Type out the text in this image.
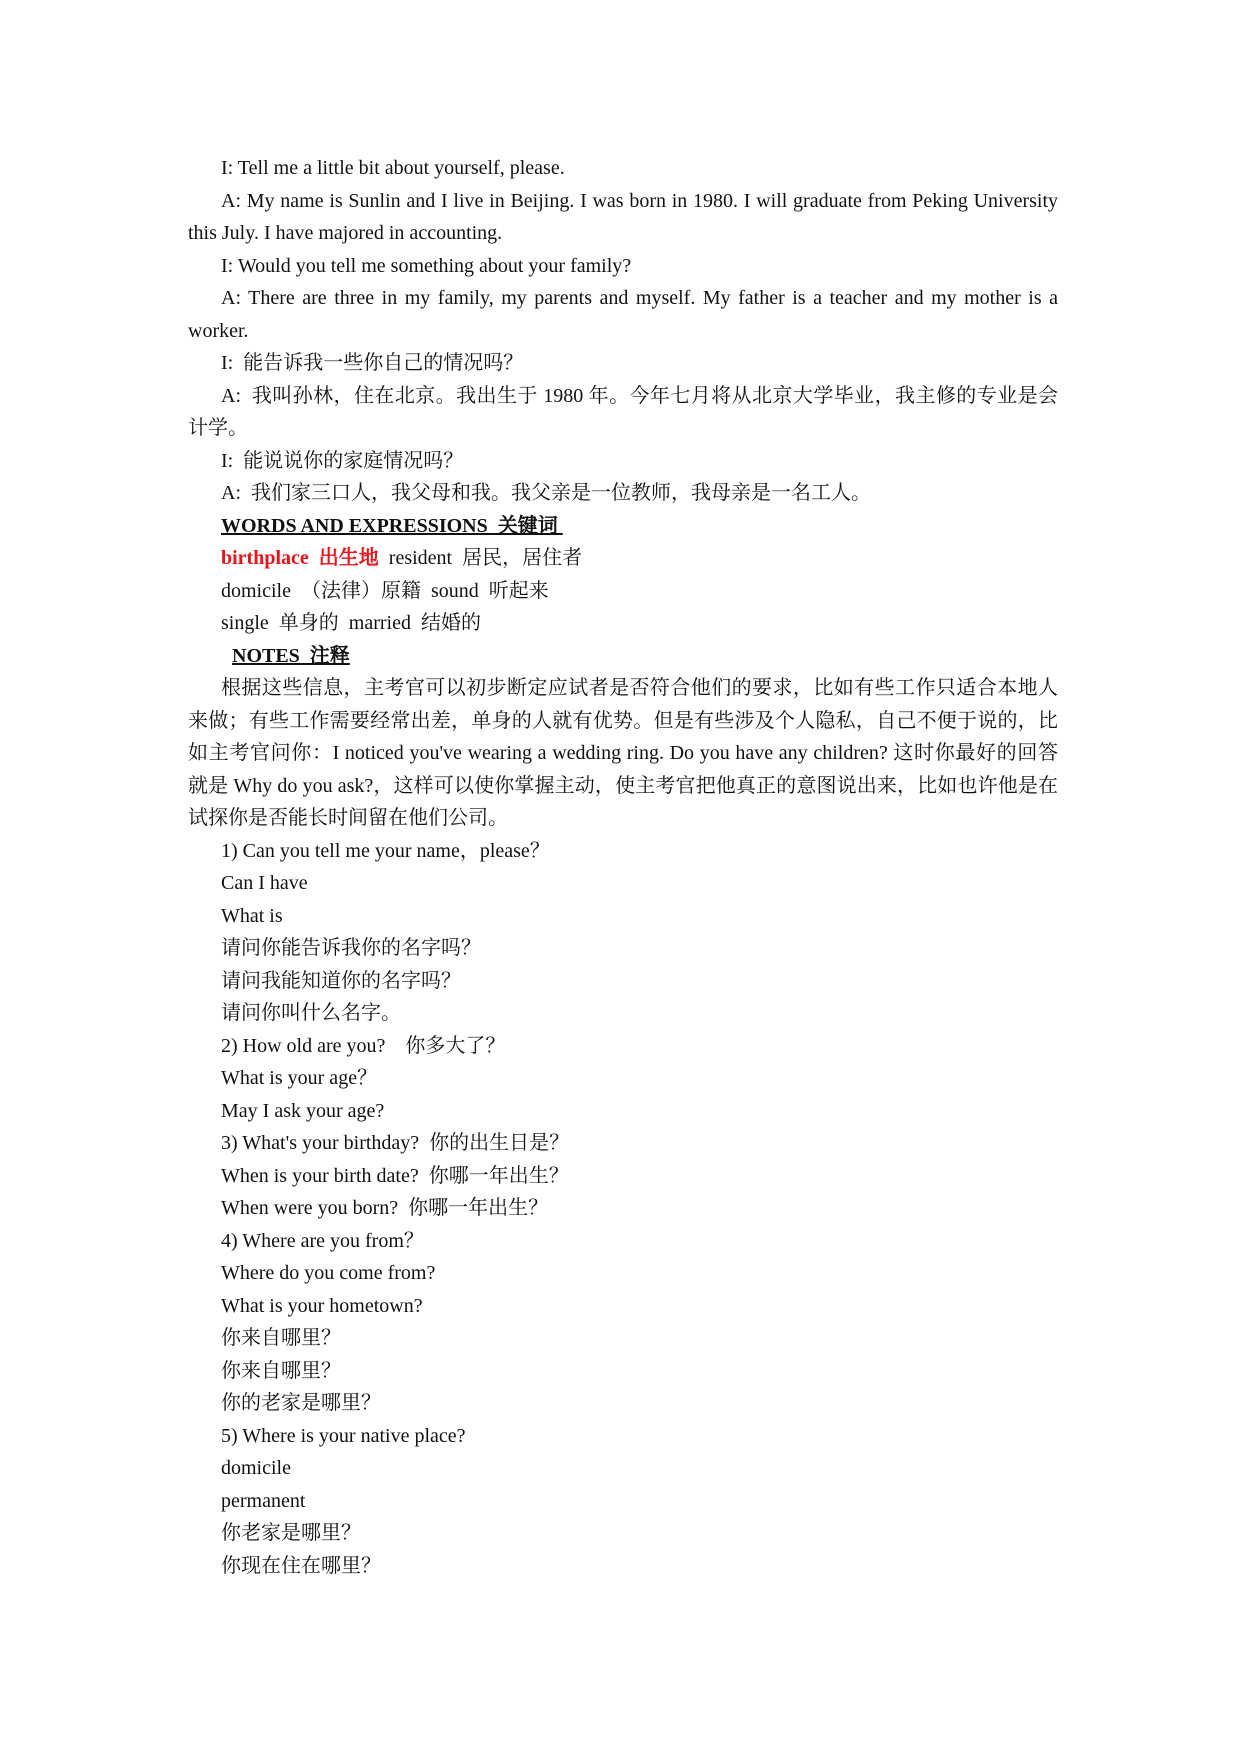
I: Tell me a little bit about yourself, please.

A: My name is Sunlin and I live in Beijing. I was born in 1980. I will graduate from Peking University this July. I have majored in accounting.

I: Would you tell me something about your family?

A: There are three in my family, my parents and myself. My father is a teacher and my mother is a worker.

I:  能告诉我一些你自己的情况吗？

A:  我叫孙林，住在北京。我出生于 1980 年。今年七月将从北京大学毕业，我主修的专业是会计学。

I:  能说说你的家庭情况吗？

A:  我们家三口人，我父母和我。我父亲是一位教师，我母亲是一名工人。

WORDS AND EXPRESSIONS  关键词

birthplace  出生地  resident  居民，居住者

domicile  （法律）原籍  sound  听起来

single  单身的  married  结婚的

NOTES  注释

根据这些信息，主考官可以初步断定应试者是否符合他们的要求，比如有些工作只适合本地人来做；有些工作需要经常出差，单身的人就有优势。但是有些涉及个人隐私，自己不便于说的，比如主考官问你：I noticed you've wearing a wedding ring. Do you have any children? 这时你最好的回答就是 Why do you ask?，这样可以使你掌握主动，使主考官把他真正的意图说出来，比如也许他是在试探你是否能长时间留在他们公司。

1) Can you tell me your name，please？

Can I have

What is

请问你能告诉我你的名字吗？

请问我能知道你的名字吗？

请问你叫什么名字。

2) How old are you?    你多大了？

What is your age？

May I ask your age?

3) What's your birthday?  你的出生日是？

When is your birth date?  你哪一年出生？

When were you born?  你哪一年出生？

4) Where are you from？

Where do you come from?

What is your hometown?

你来自哪里？

你来自哪里？

你的老家是哪里？

5) Where is your native place?

domicile

permanent

你老家是哪里？

你现在住在哪里？
